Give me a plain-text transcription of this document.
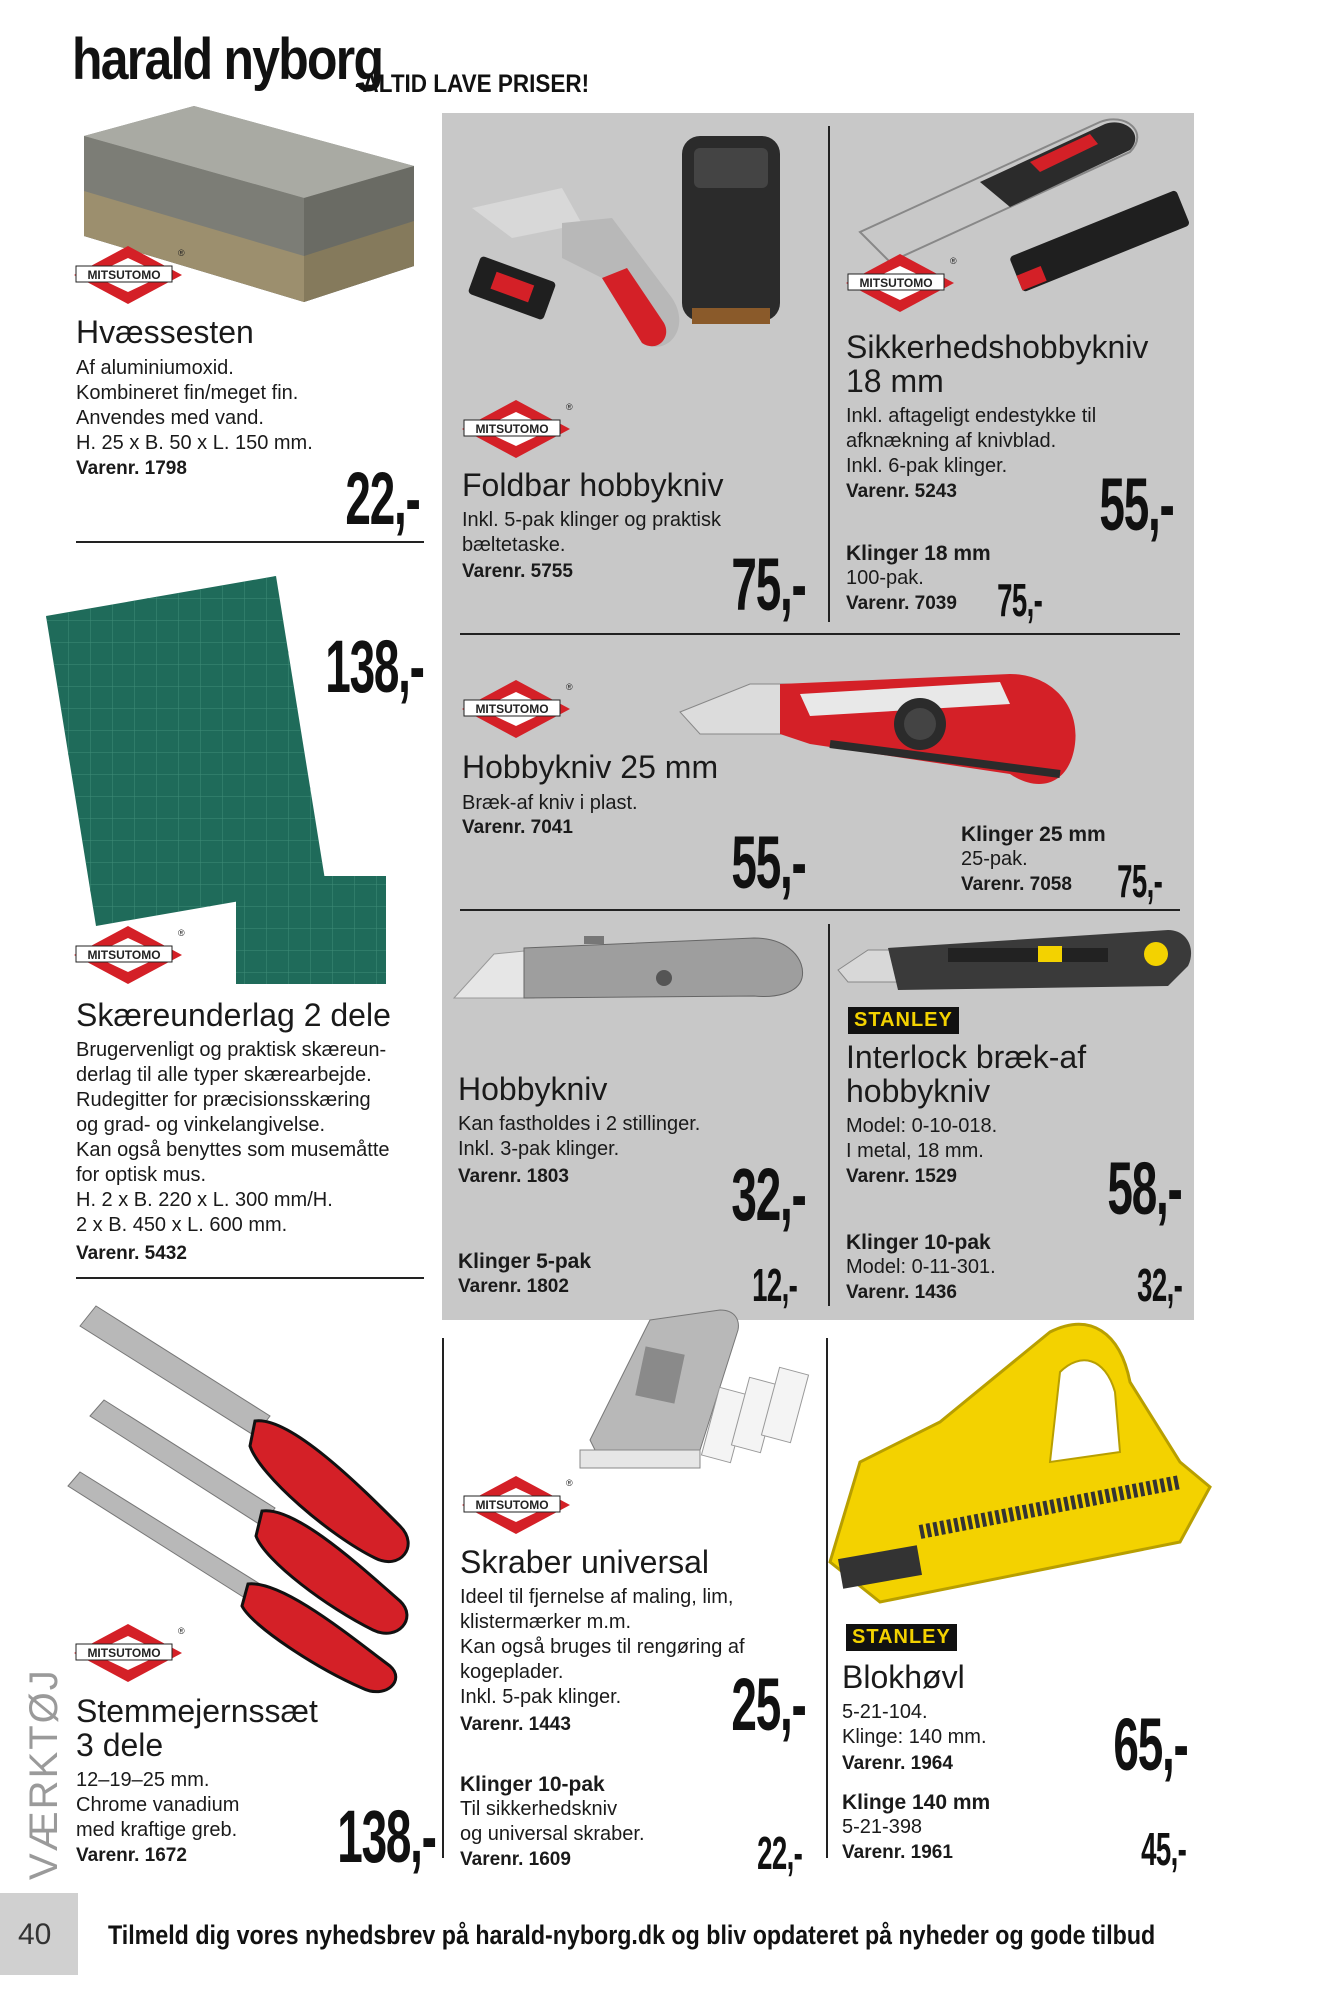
harald nyborg
-ALTID LAVE PRISER!
MITSUTOMO
®
Hvæssesten
Af aluminiumoxid.
Kombineret fin/meget fin.
Anvendes med vand.
H. 25 x B. 50 x L. 150 mm.
Varenr. 1798 22,-
MITSUTOMO
®
Foldbar hobbykniv
Inkl. 5-pak klinger og praktisk
bæltetaske.
Varenr. 5755 75,-
MITSUTOMO
®
Sikkerhedshobbykniv
18 mm
Inkl. aftageligt endestykke til
afknækning af knivblad.
Inkl. 6-pak klinger.
Varenr. 5243 55,-
Klinger 18 mm
100-pak.
Varenr. 7039 75,-
138,-
MITSUTOMO
®
Skæreunderlag 2 dele
Brugervenligt og praktisk skæreun-
derlag til alle typer skærearbejde.
Rudegitter for præcisionsskæring
og grad- og vinkelangivelse.
Kan også benyttes som musemåtte
for optisk mus.
H. 2 x B. 220 x L. 300 mm/H.
2 x B. 450 x L. 600 mm.
Varenr. 5432
MITSUTOMO
®
Hobbykniv 25 mm
Bræk-af kniv i plast.
Varenr. 7041 55,-	Klinger 25 mm
25-pak.
Varenr. 7058 75,-
Hobbykniv
Kan fastholdes i 2 stillinger.
Inkl. 3-pak klinger.
Varenr. 1803 32,-
Klinger 5-pak
Varenr. 1802	12,-
STANLEY
Interlock bræk-af
hobbykniv
Model: 0-10-018.
I metal, 18 mm.
Varenr. 1529 58,-
Klinger 10-pak
Model: 0-11-301.
Varenr. 1436	32,-
MITSUTOMO
®
Stemmejernssæt
3 dele
12–19–25 mm.
Chrome vanadium
med kraftige greb.
Varenr. 1672 138,-
MITSUTOMO
®
Skraber universal
Ideel til fjernelse af maling, lim,
klistermærker m.m.
Kan også bruges til rengøring af
kogeplader.
Inkl. 5-pak klinger.
Varenr. 1443 25,-
Klinger 10-pak
Til sikkerhedskniv
og universal skraber.
Varenr. 1609	22,-
STANLEY
Blokhøvl
5-21-104.
Klinge: 140 mm.
Varenr. 1964 65,-
Klinge 140 mm
5-21-398
Varenr. 1961	45,-
VÆRKTØJ
40 Tilmeld dig vores nyhedsbrev på harald-nyborg.dk og bliv opdateret på nyheder og gode tilbud
